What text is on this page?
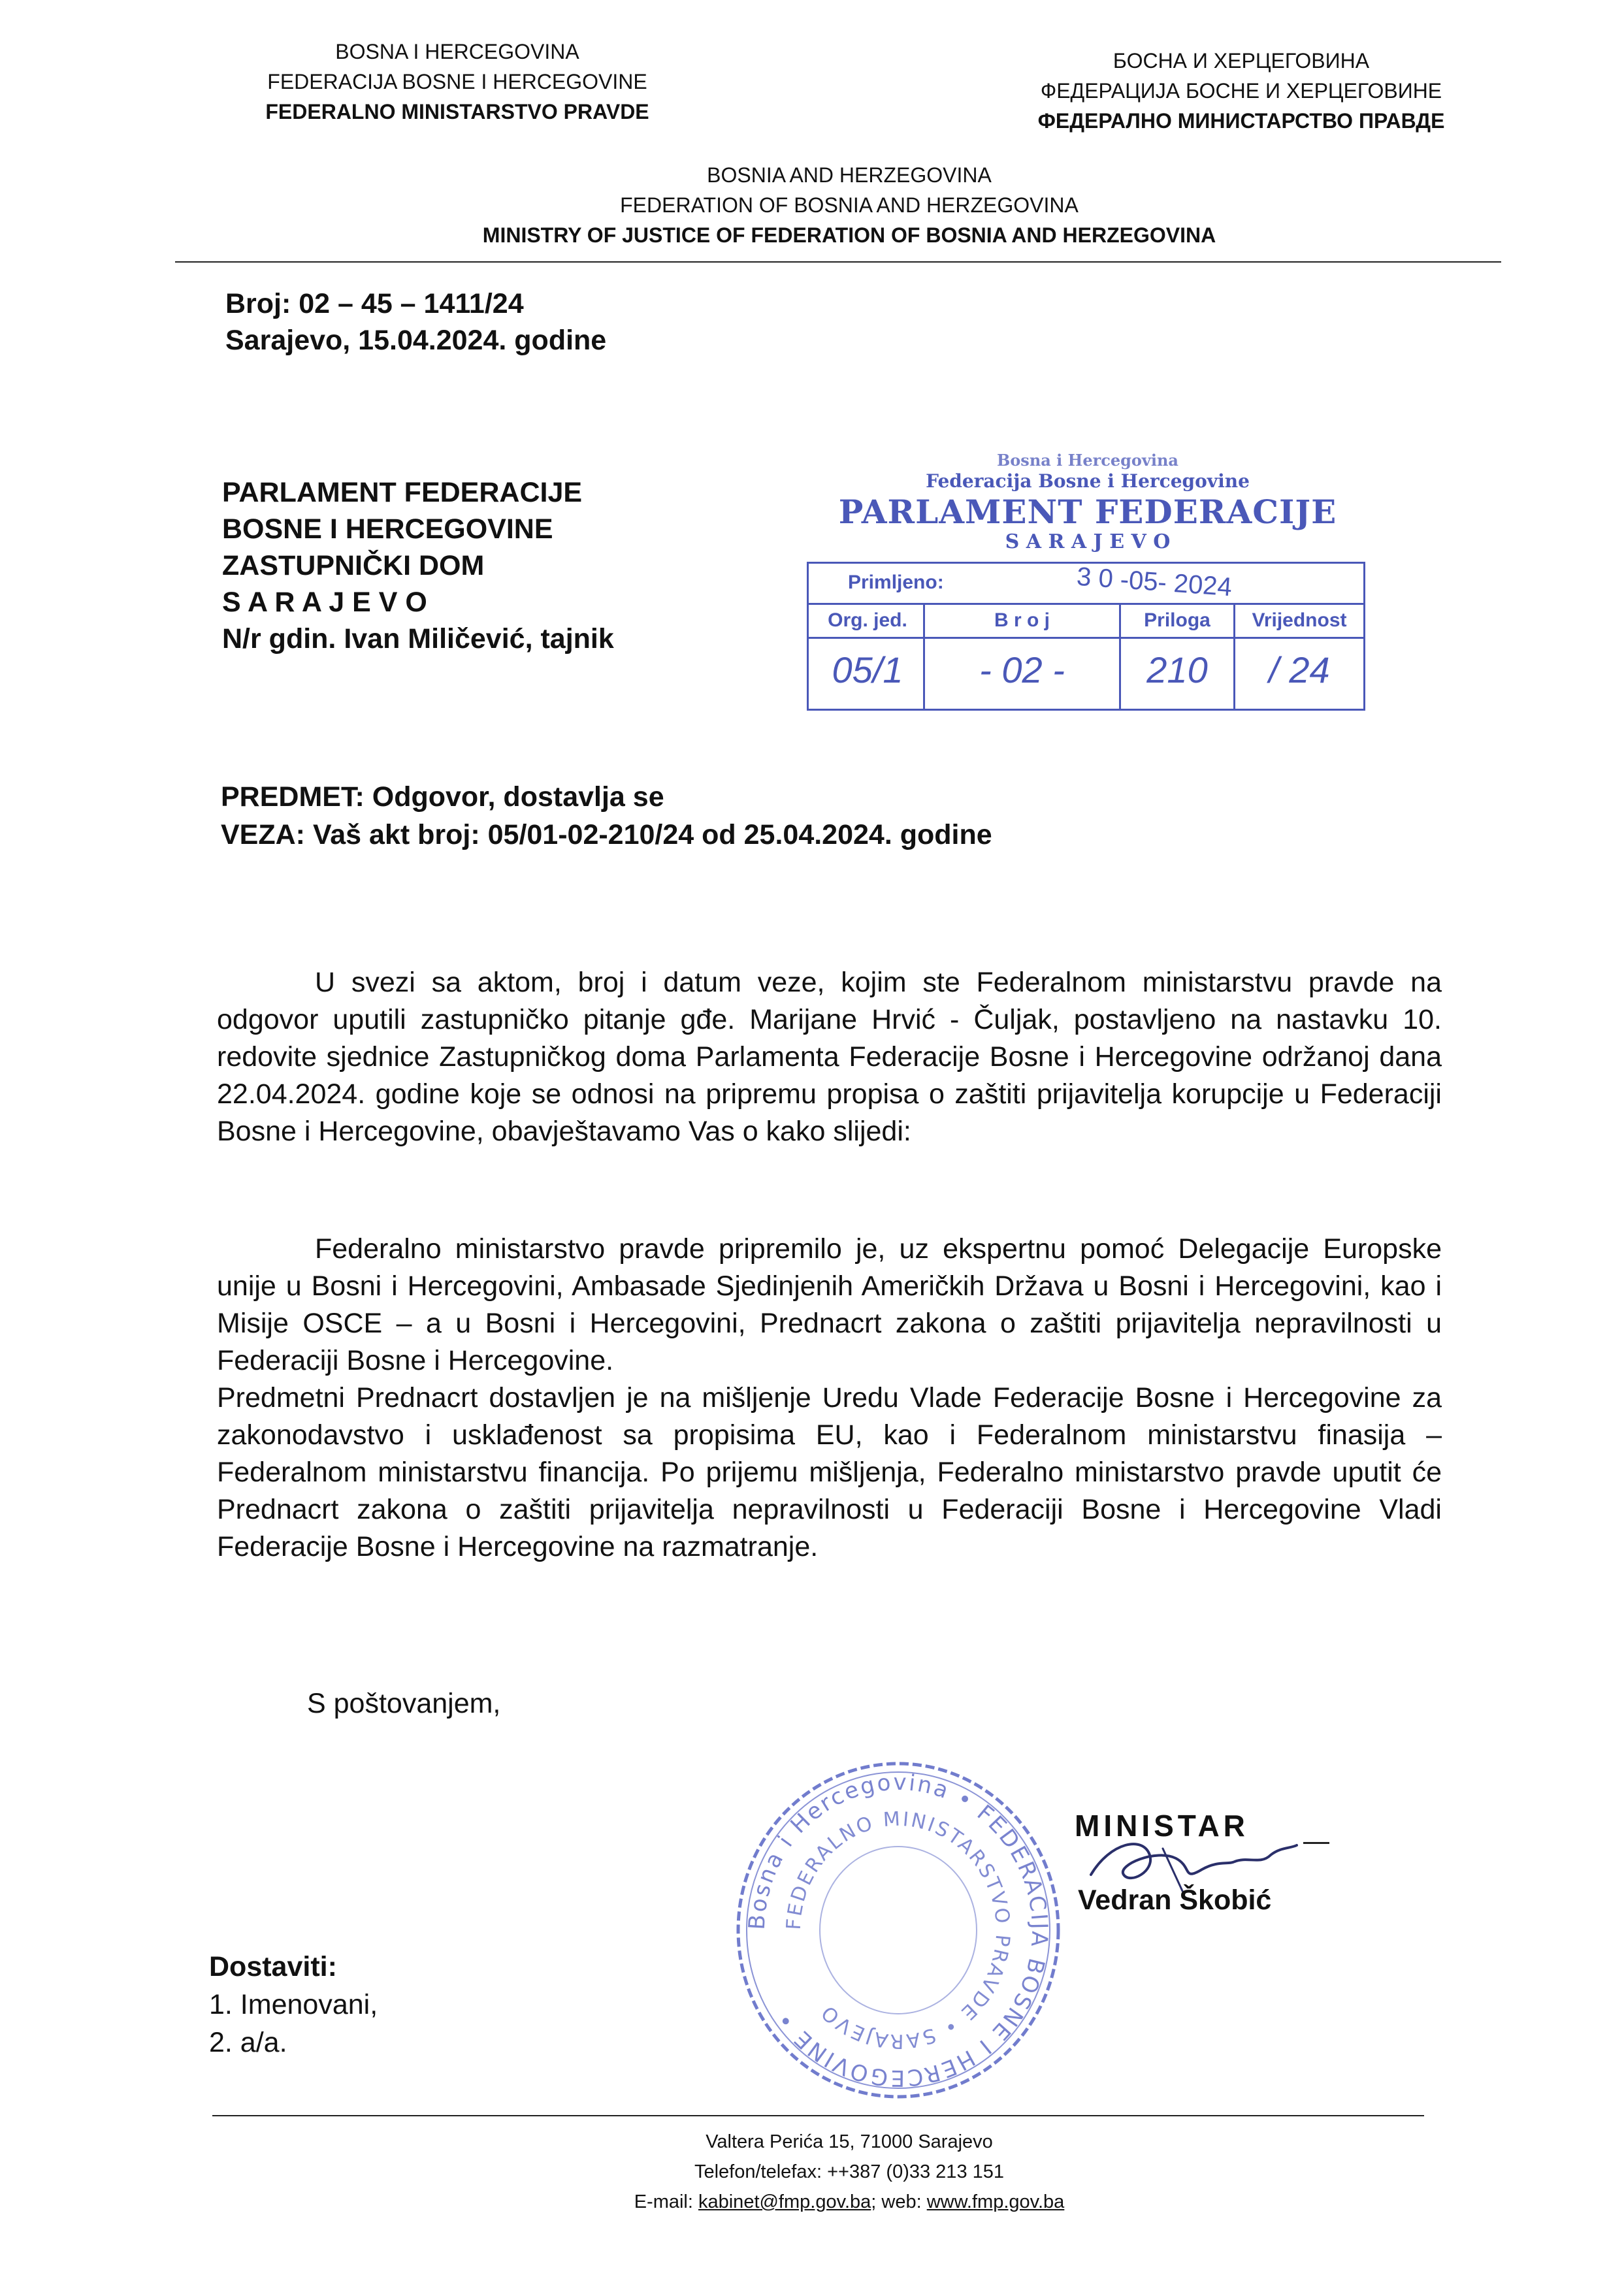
BOSNA I HERCEGOVINA
FEDERACIJA BOSNE I HERCEGOVINE
FEDERALNO MINISTARSTVO PRAVDE
БОСНА И ХЕРЦЕГОВИНА
ФЕДЕРАЦИЈА БОСНЕ И ХЕРЦЕГОВИНЕ
ФЕДЕРАЛНО МИНИСТАРСТВО ПРАВДЕ
BOSNIA AND HERZEGOVINA
FEDERATION OF BOSNIA AND HERZEGOVINA
MINISTRY OF JUSTICE OF FEDERATION OF BOSNIA AND HERZEGOVINA
Broj: 02 – 45 – 1411/24
Sarajevo, 15.04.2024. godine
PARLAMENT FEDERACIJE
BOSNE I HERCEGOVINE
ZASTUPNIČKI DOM
S A R A J E V O
N/r gdin. Ivan Miličević, tajnik
Bosna i Hercegovina
Federacija Bosne i Hercegovine
PARLAMENT FEDERACIJE
S A R A J E V O
Primljeno:	3 0 -05- 2024
Org. jed.	B r o j	Priloga	Vrijednost
05/1	- 02 -	210	/ 24
PREDMET: Odgovor, dostavlja se
VEZA: Vaš akt broj: 05/01-02-210/24 od 25.04.2024. godine
U svezi sa aktom, broj i datum veze, kojim ste Federalnom ministarstvu pravde na odgovor uputili zastupničko pitanje gđe. Marijane Hrvić - Čuljak, postavljeno na nastavku 10. redovite sjednice Zastupničkog doma Parlamenta Federacije Bosne i Hercegovine održanoj dana 22.04.2024. godine koje se odnosi na pripremu propisa o zaštiti prijavitelja korupcije u Federaciji Bosne i Hercegovine, obavještavamo Vas o kako slijedi:
Federalno ministarstvo pravde pripremilo je, uz ekspertnu pomoć Delegacije Europske unije u Bosni i Hercegovini, Ambasade Sjedinjenih Američkih Država u Bosni i Hercegovini, kao i Misije OSCE – a u Bosni i Hercegovini, Prednacrt zakona o zaštiti prijavitelja nepravilnosti u Federaciji Bosne i Hercegovine.
Predmetni Prednacrt dostavljen je na mišljenje Uredu Vlade Federacije Bosne i Hercegovine za zakonodavstvo i usklađenost sa propisima EU, kao i Federalnom ministarstvu finasija – Federalnom ministarstvu financija. Po prijemu mišljenja, Federalno ministarstvo pravde uputit će Prednacrt zakona o zaštiti prijavitelja nepravilnosti u Federaciji Bosne i Hercegovine Vladi Federacije Bosne i Hercegovine na razmatranje.
S poštovanjem,
Bosna i Hercegovina • FEDERACIJA BOSNE I HERCEGOVINE •
FEDERALNO MINISTARSTVO PRAVDE • SARAJEVO
MINISTAR
Vedran Škobić
Dostaviti:
1. Imenovani,
2. a/a.
Valtera Perića 15, 71000 Sarajevo
Telefon/telefax: ++387 (0)33 213 151
E-mail: kabinet@fmp.gov.ba; web: www.fmp.gov.ba
